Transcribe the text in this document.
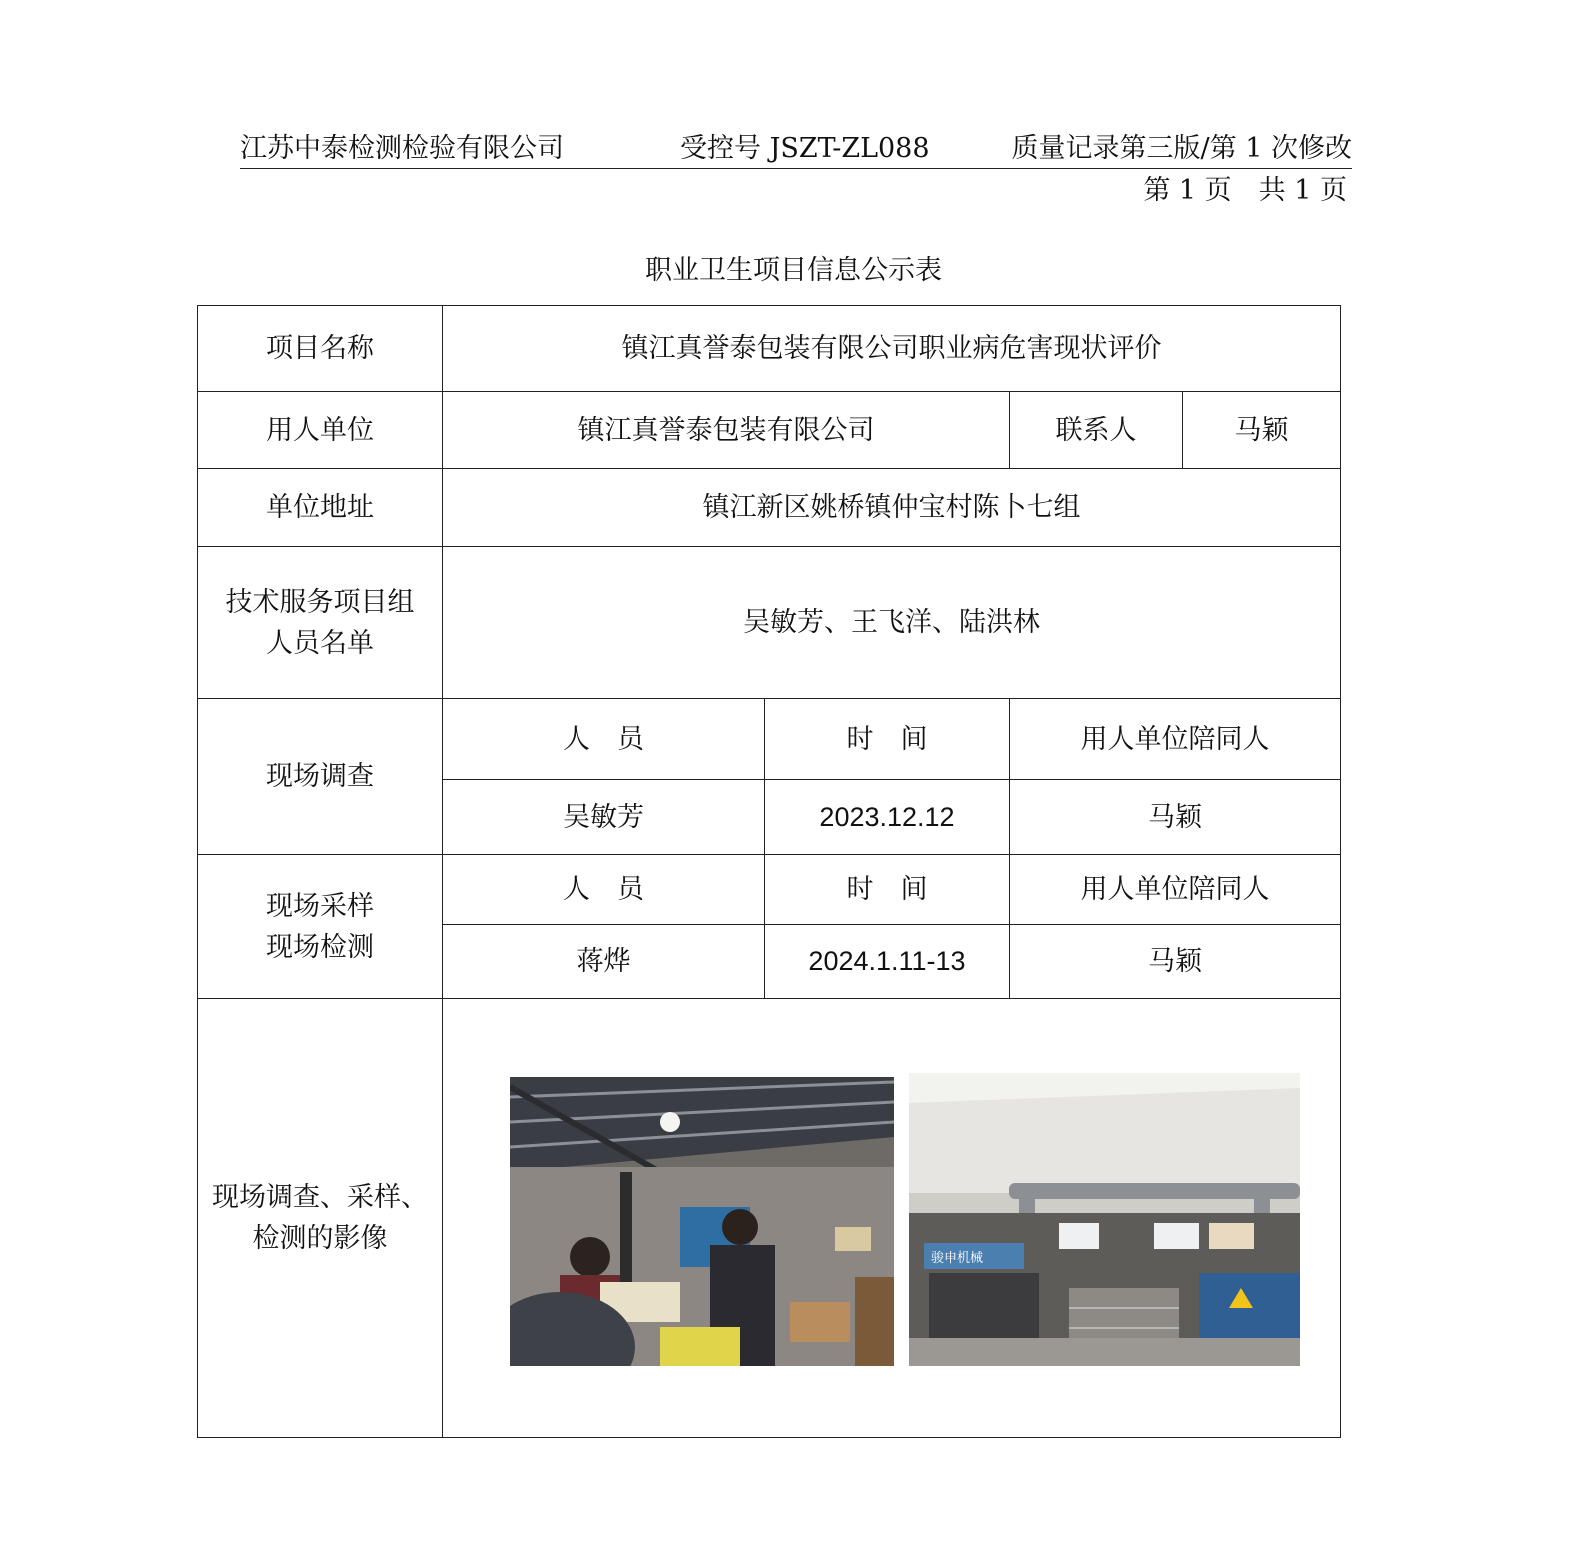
江苏中泰检测检验有限公司	受控号 JSZT-ZL088	质量记录第三版/第 1 次修改
第 1 页　共 1 页
职业卫生项目信息公示表
项目名称	镇江真誉泰包装有限公司职业病危害现状评价			
用人单位	镇江真誉泰包装有限公司		联系人	马颖
单位地址	镇江新区姚桥镇仲宝村陈卜七组			

技术服务项目组
人员名单	吴敏芳、王飞洋、陆洪林			
现场调查	人　员	时　间	用人单位陪同人	
	吴敏芳	2023.12.12	马颖	

现场采样
现场检测	人　员	时　间	用人单位陪同人	
	蒋烨	2024.1.11-13	马颖	

现场调查、采样、
检测的影像	骏申机械			
